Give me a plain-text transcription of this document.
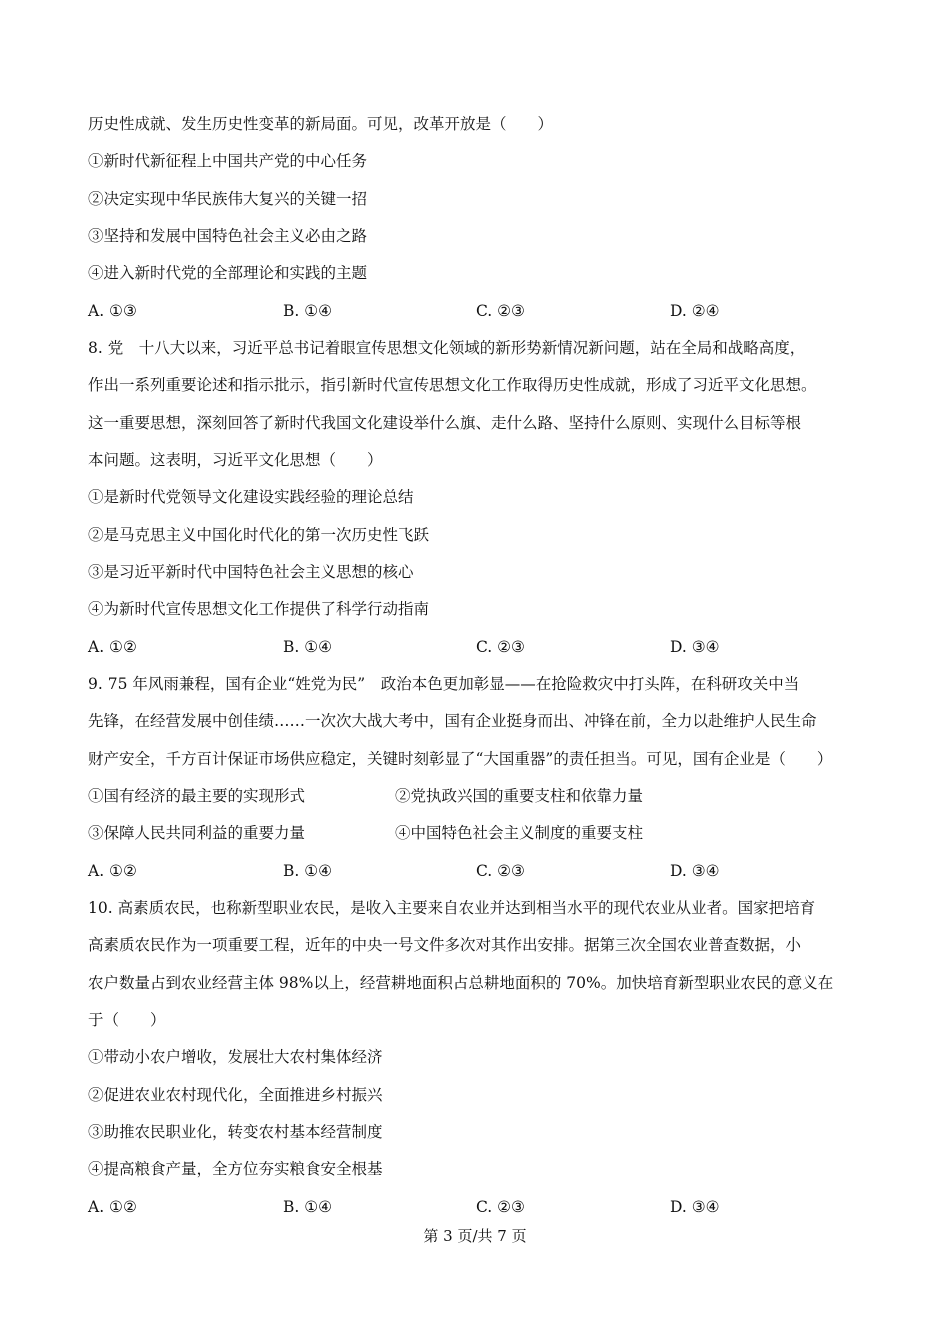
历史性成就、发生历史性变革的新局面。可见，改革开放是（　　）
①新时代新征程上中国共产党的中心任务
②决定实现中华民族伟大复兴的关键一招
③坚持和发展中国特色社会主义必由之路
④进入新时代党的全部理论和实践的主题
A. ①③	B. ①④	C. ②③	D. ②④
8. 党　十八大以来，习近平总书记着眼宣传思想文化领域的新形势新情况新问题，站在全局和战略高度，
作出一系列重要论述和指示批示，指引新时代宣传思想文化工作取得历史性成就，形成了习近平文化思想。
这一重要思想，深刻回答了新时代我国文化建设举什么旗、走什么路、坚持什么原则、实现什么目标等根
本问题。这表明，习近平文化思想（　　）
①是新时代党领导文化建设实践经验的理论总结
②是马克思主义中国化时代化的第一次历史性飞跃
③是习近平新时代中国特色社会主义思想的核心
④为新时代宣传思想文化工作提供了科学行动指南
A. ①②	B. ①④	C. ②③	D. ③④
9. 75 年风雨兼程，国有企业“姓党为民”　政治本色更加彰显——在抢险救灾中打头阵，在科研攻关中当
先锋，在经营发展中创佳绩……一次次大战大考中，国有企业挺身而出、冲锋在前，全力以赴维护人民生命
财产安全，千方百计保证市场供应稳定，关键时刻彰显了“大国重器”的责任担当。可见，国有企业是（　　）
①国有经济的最主要的实现形式	②党执政兴国的重要支柱和依靠力量
③保障人民共同利益的重要力量	④中国特色社会主义制度的重要支柱
A. ①②	B. ①④	C. ②③	D. ③④
10. 高素质农民，也称新型职业农民，是收入主要来自农业并达到相当水平的现代农业从业者。国家把培育
高素质农民作为一项重要工程，近年的中央一号文件多次对其作出安排。据第三次全国农业普查数据，小
农户数量占到农业经营主体 98%以上，经营耕地面积占总耕地面积的 70%。加快培育新型职业农民的意义在
于（　　）
①带动小农户增收，发展壮大农村集体经济
②促进农业农村现代化，全面推进乡村振兴
③助推农民职业化，转变农村基本经营制度
④提高粮食产量，全方位夯实粮食安全根基
A. ①②	B. ①④	C. ②③	D. ③④
第 3 页/共 7 页
